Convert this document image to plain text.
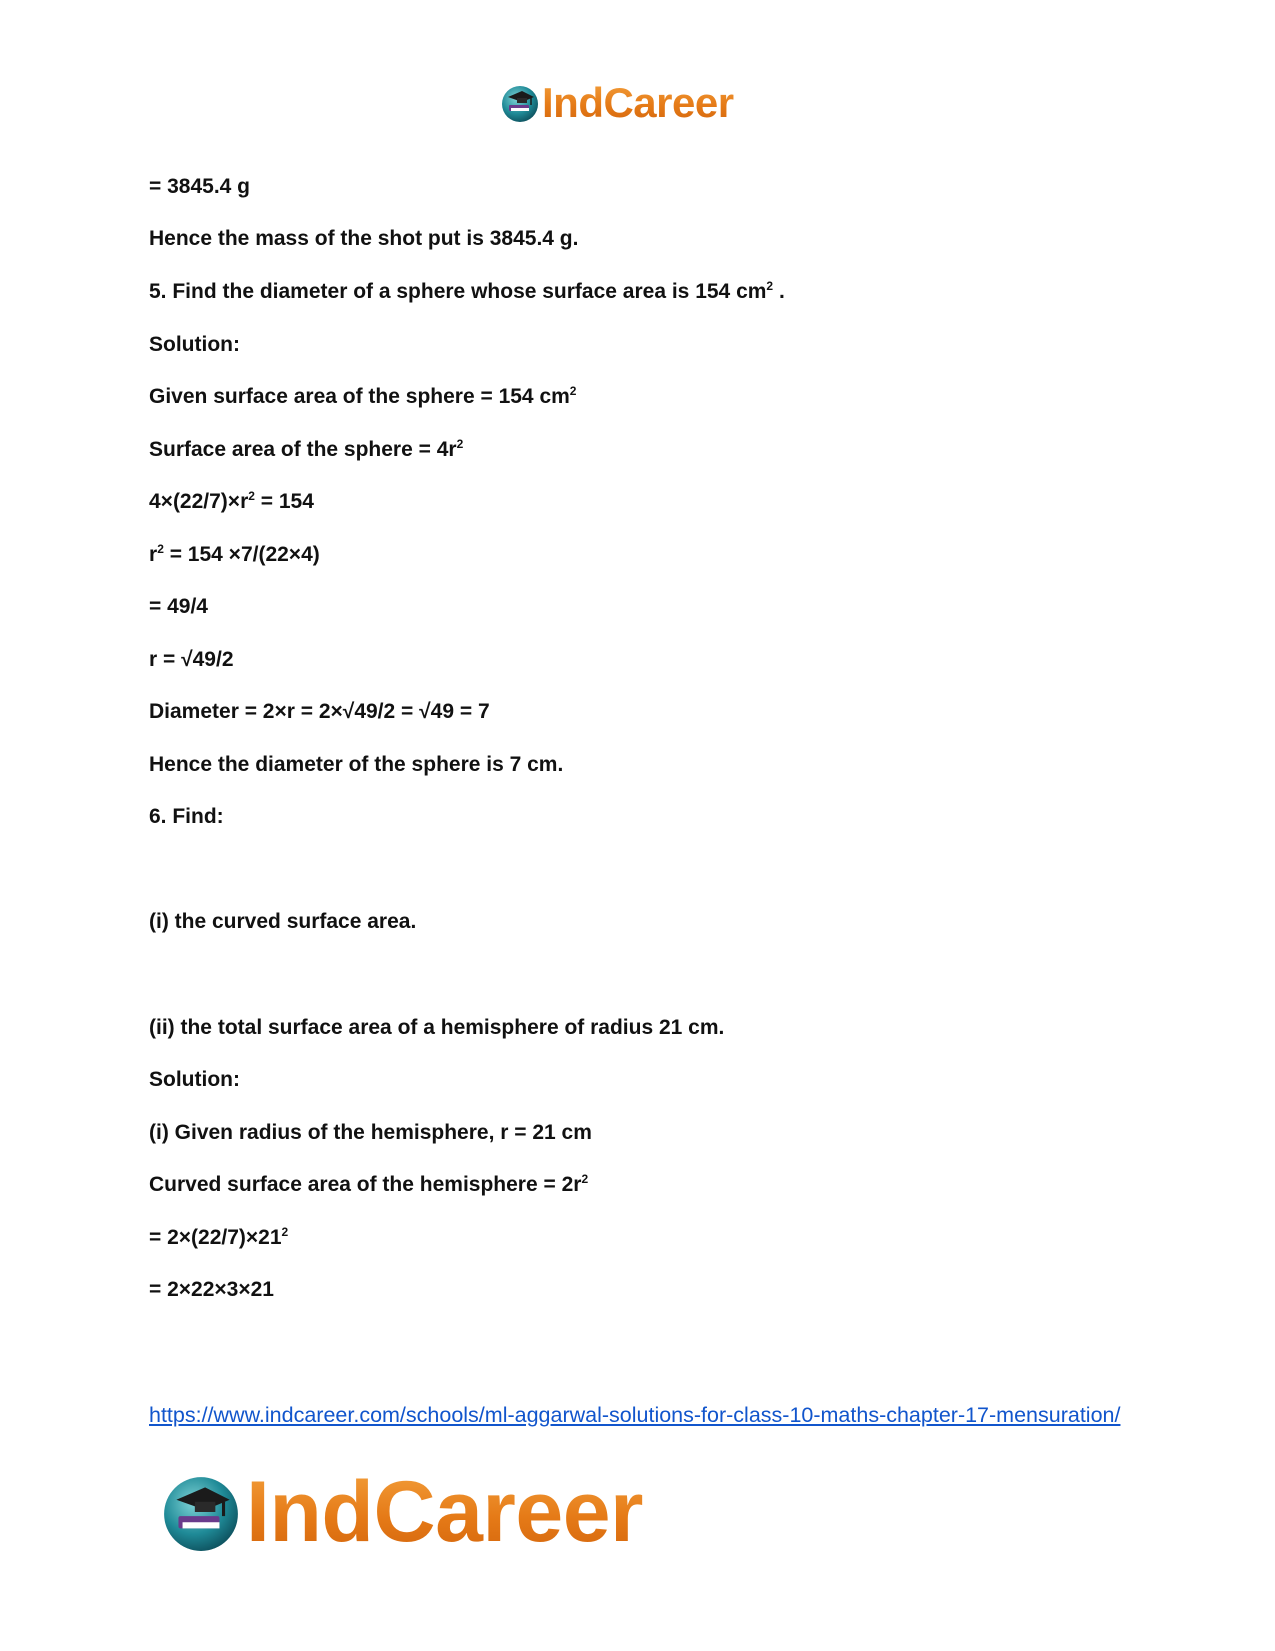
IndCareer
= 3845.4 g
Hence the mass of the shot put is 3845.4 g.
5. Find the diameter of a sphere whose surface area is 154 $cm^2$ .
Solution:
Given surface area of the sphere = 154 $cm^2$
Surface area of the sphere = $4r^2$
$4\times(22/7)\times r^2 = 154$
$r^2 = 154 \times 7/(22\times 4)$
= 49/4
r = √49/2
Diameter = 2×r = 2×√49/2 = √49 = 7
Hence the diameter of the sphere is 7 cm.
6. Find:
(i) the curved surface area.
(ii) the total surface area of a hemisphere of radius 21 cm.
Solution:
(i) Given radius of the hemisphere, r = 21 cm
Curved surface area of the hemisphere = $2r^2$
= $2\times(22/7)\times 21^2$
= 2×22×3×21
https://www.indcareer.com/schools/ml-aggarwal-solutions-for-class-10-maths-chapter-17-mensuration/
IndCareer
